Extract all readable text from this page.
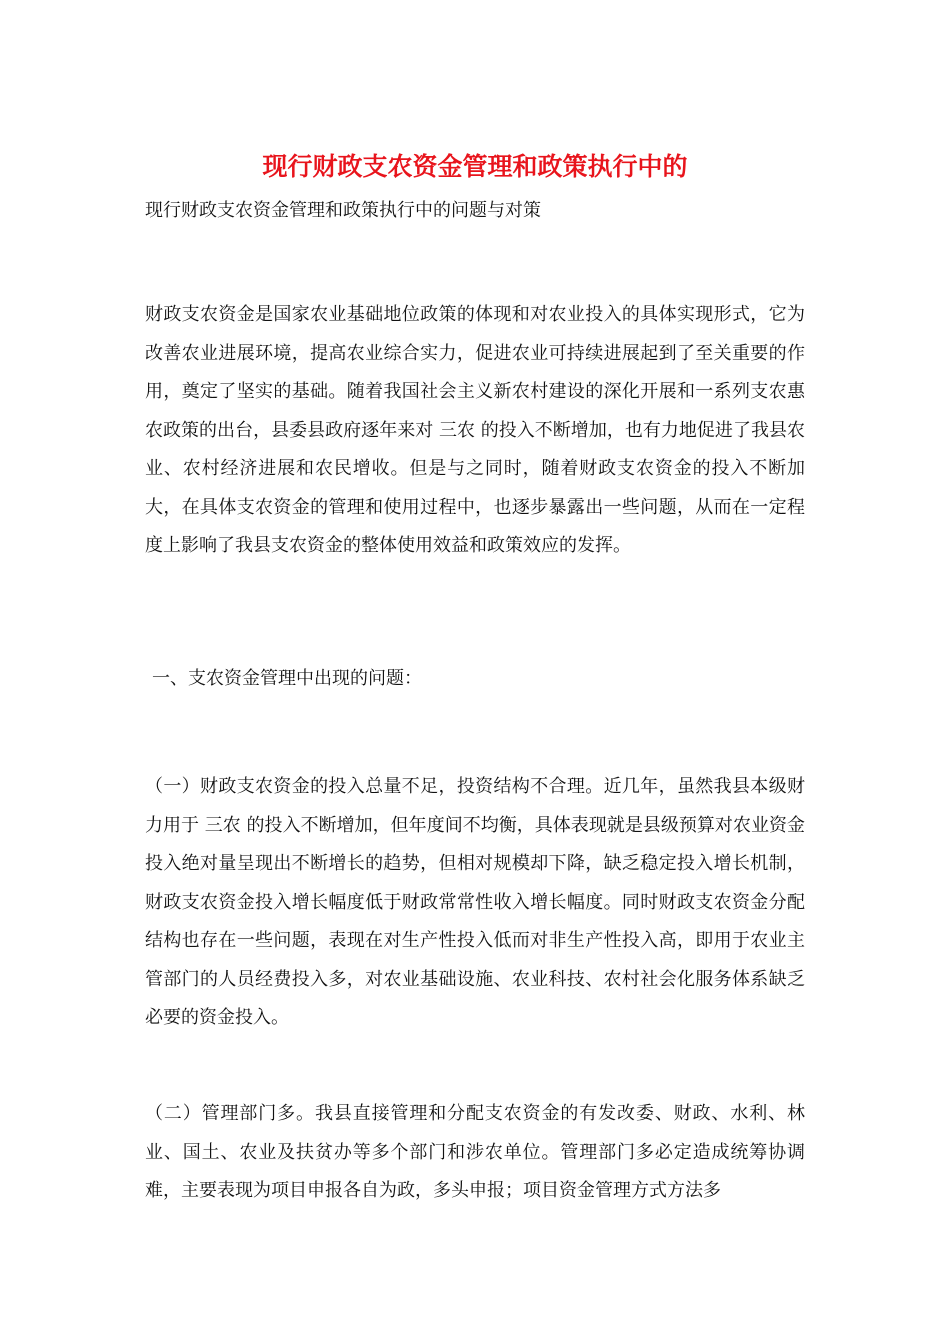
现行财政支农资金管理和政策执行中的

现行财政支农资金管理和政策执行中的问题与对策

财政支农资金是国家农业基础地位政策的体现和对农业投入的具体实现形式，它为改善农业进展环境，提高农业综合实力，促进农业可持续进展起到了至关重要的作用，奠定了坚实的基础。随着我国社会主义新农村建设的深化开展和一系列支农惠农政策的出台，县委县政府逐年来对 三农 的投入不断增加，也有力地促进了我县农业、农村经济进展和农民增收。但是与之同时，随着财政支农资金的投入不断加大，在具体支农资金的管理和使用过程中，也逐步暴露出一些问题，从而在一定程度上影响了我县支农资金的整体使用效益和政策效应的发挥。

一、支农资金管理中出现的问题：

（一）财政支农资金的投入总量不足，投资结构不合理。近几年，虽然我县本级财力用于 三农 的投入不断增加，但年度间不均衡，具体表现就是县级预算对农业资金投入绝对量呈现出不断增长的趋势，但相对规模却下降，缺乏稳定投入增长机制，财政支农资金投入增长幅度低于财政常常性收入增长幅度。同时财政支农资金分配结构也存在一些问题，表现在对生产性投入低而对非生产性投入高，即用于农业主管部门的人员经费投入多，对农业基础设施、农业科技、农村社会化服务体系缺乏必要的资金投入。

（二）管理部门多。我县直接管理和分配支农资金的有发改委、财政、水利、林业、国土、农业及扶贫办等多个部门和涉农单位。管理部门多必定造成统筹协调难，主要表现为项目申报各自为政，多头申报；项目资金管理方式方法多
